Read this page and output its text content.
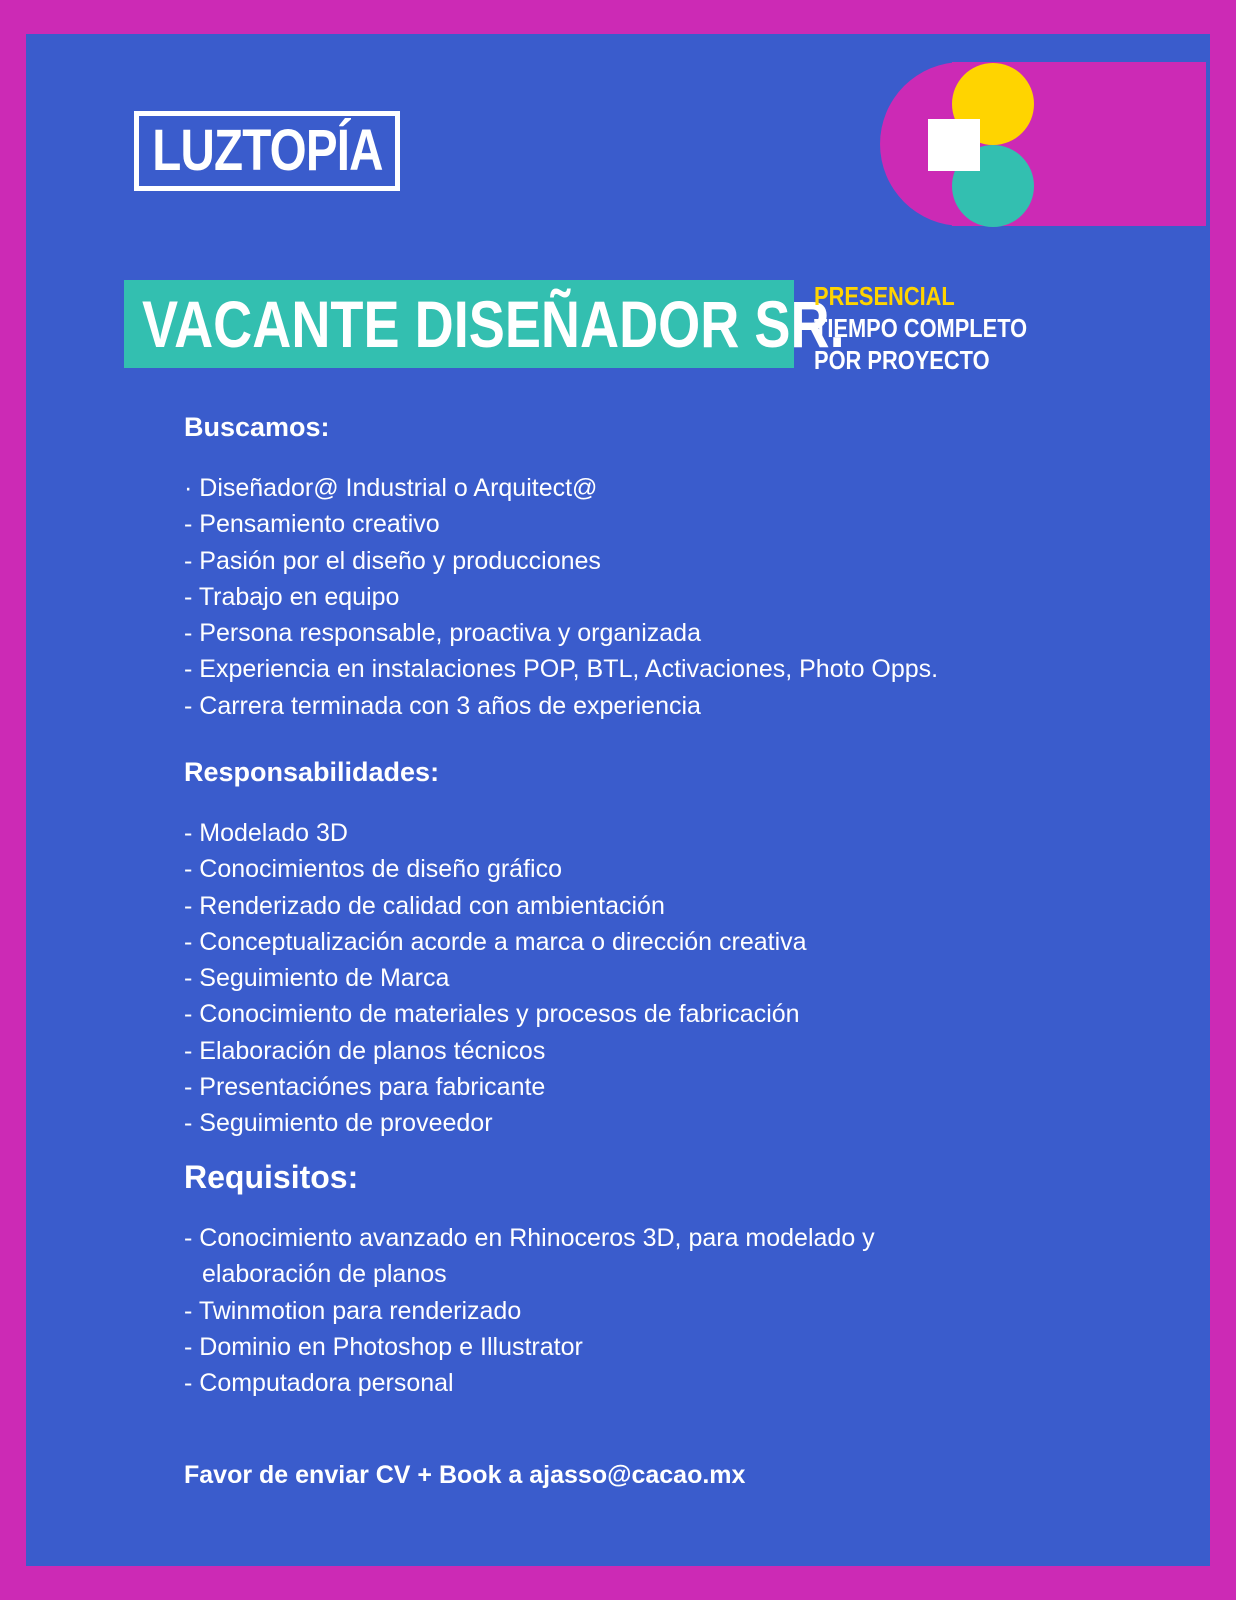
LUZTOPÍA
VACANTE DISEÑADOR SR.
PRESENCIAL
TIEMPO COMPLETO
POR PROYECTO
Buscamos:
· Diseñador@ Industrial o Arquitect@
- Pensamiento creativo
- Pasión por el diseño y producciones
- Trabajo en equipo
- Persona responsable, proactiva y organizada
- Experiencia en instalaciones POP, BTL, Activaciones, Photo Opps.
- Carrera terminada con 3 años de experiencia
Responsabilidades:
- Modelado 3D
- Conocimientos de diseño gráfico
- Renderizado de calidad con ambientación
- Conceptualización acorde a marca o dirección creativa
- Seguimiento de Marca
- Conocimiento de materiales y procesos de fabricación
- Elaboración de planos técnicos
- Presentaciónes para fabricante
- Seguimiento de proveedor
Requisitos:
- Conocimiento avanzado en Rhinoceros 3D, para modelado y
elaboración de planos
- Twinmotion para renderizado
- Dominio en Photoshop e Illustrator
- Computadora personal
Favor de enviar CV + Book a ajasso@cacao.mx
